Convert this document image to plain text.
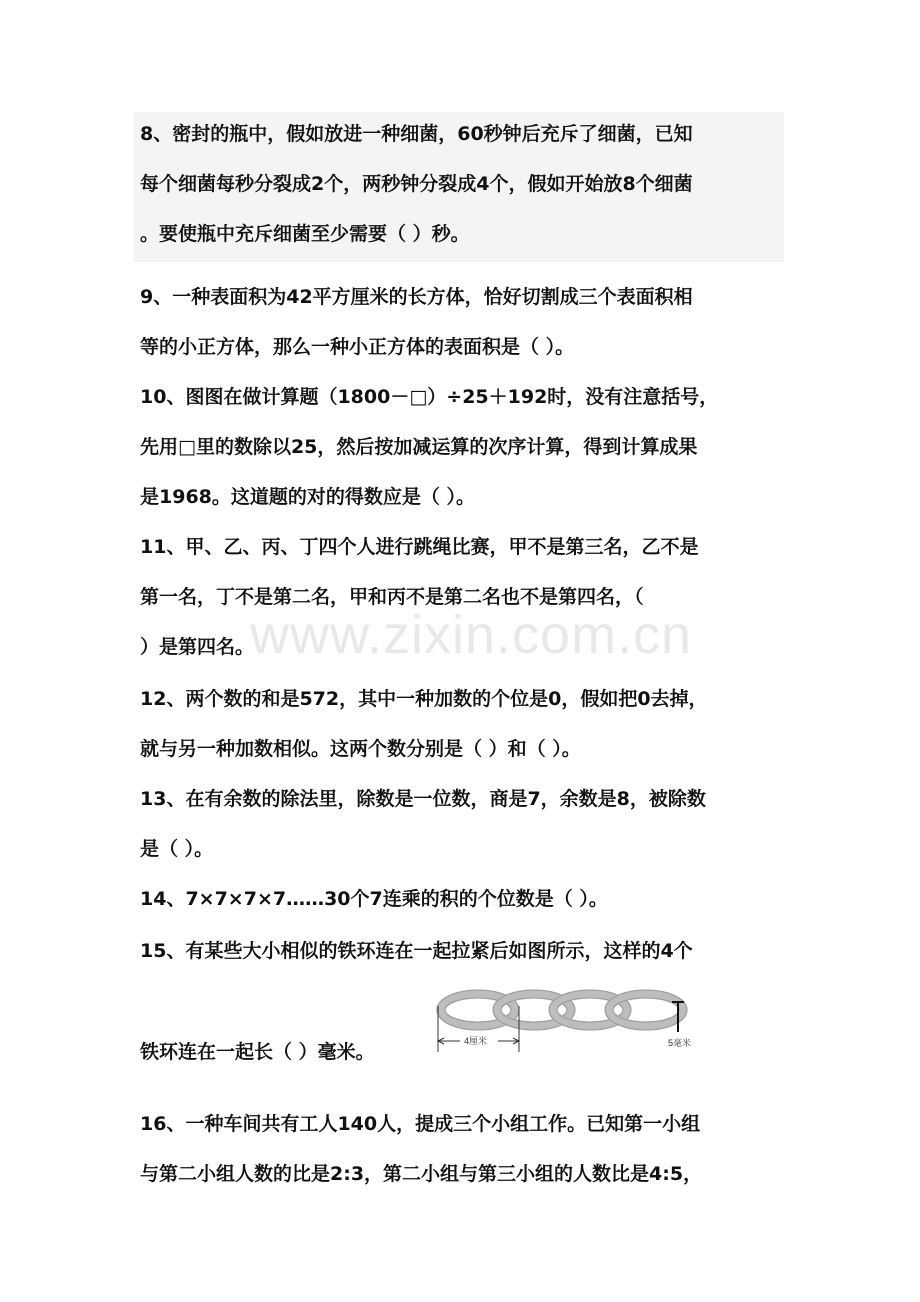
www.zixin.com.cn
8、密封的瓶中，假如放进一种细菌，60秒钟后充斥了细菌，已知
每个细菌每秒分裂成2个，两秒钟分裂成4个，假如开始放8个细菌
。要使瓶中充斥细菌至少需要（ ）秒。
9、一种表面积为42平方厘米的长方体，恰好切割成三个表面积相
等的小正方体，那么一种小正方体的表面积是（ ）。
10、图图在做计算题（1800－□）÷25＋192时，没有注意括号，
先用□里的数除以25，然后按加减运算的次序计算，得到计算成果
是1968。这道题的对的得数应是（ ）。
11、甲、乙、丙、丁四个人进行跳绳比赛，甲不是第三名，乙不是
第一名，丁不是第二名，甲和丙不是第二名也不是第四名，（
）是第四名。
12、两个数的和是572，其中一种加数的个位是0，假如把0去掉，
就与另一种加数相似。这两个数分别是（ ）和（ ）。
13、在有余数的除法里，除数是一位数，商是7，余数是8，被除数
是（ ）。
14、7×7×7×7……30个7连乘的积的个位数是（ ）。
15、有某些大小相似的铁环连在一起拉紧后如图所示，这样的4个
铁环连在一起长（ ）毫米。	4厘米	5毫米
16、一种车间共有工人140人，提成三个小组工作。已知第一小组
与第二小组人数的比是2:3，第二小组与第三小组的人数比是4:5，
